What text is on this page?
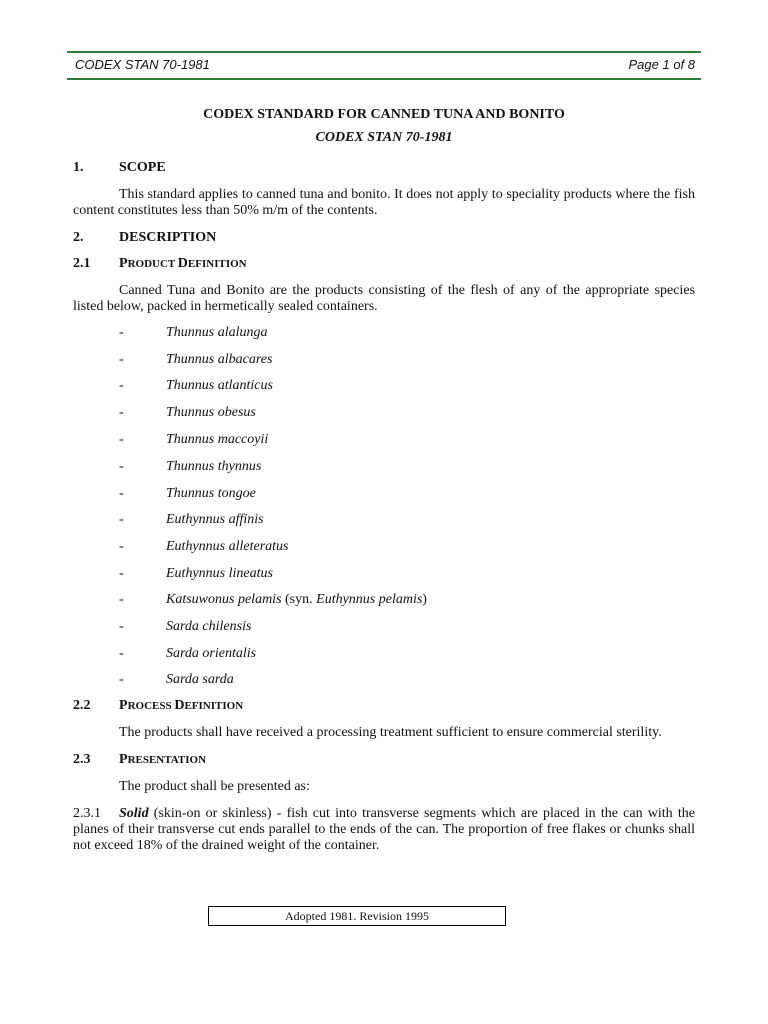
CODEX STAN 70-1981	Page 1 of 8
CODEX STANDARD FOR CANNED TUNA AND BONITO
CODEX STAN 70-1981
1.	SCOPE
This standard applies to canned tuna and bonito. It does not apply to speciality products where the fish content constitutes less than 50% m/m of the contents.
2.	DESCRIPTION
2.1 PRODUCT DEFINITION
Canned Tuna and Bonito are the products consisting of the flesh of any of the appropriate species listed below, packed in hermetically sealed containers.
-	Thunnus alalunga
-	Thunnus albacares
-	Thunnus atlanticus
-	Thunnus obesus
-	Thunnus maccoyii
-	Thunnus thynnus
-	Thunnus tongoe
-	Euthynnus affinis
-	Euthynnus alleteratus
-	Euthynnus lineatus
-	Katsuwonus pelamis (syn. Euthynnus pelamis)
-	Sarda chilensis
-	Sarda orientalis
-	Sarda sarda
2.2 PROCESS DEFINITION
The products shall have received a processing treatment sufficient to ensure commercial sterility.
2.3 PRESENTATION
The product shall be presented as:
2.3.1 Solid (skin-on or skinless) - fish cut into transverse segments which are placed in the can with the planes of their transverse cut ends parallel to the ends of the can. The proportion of free flakes or chunks shall not exceed 18% of the drained weight of the container.
Adopted 1981. Revision 1995
